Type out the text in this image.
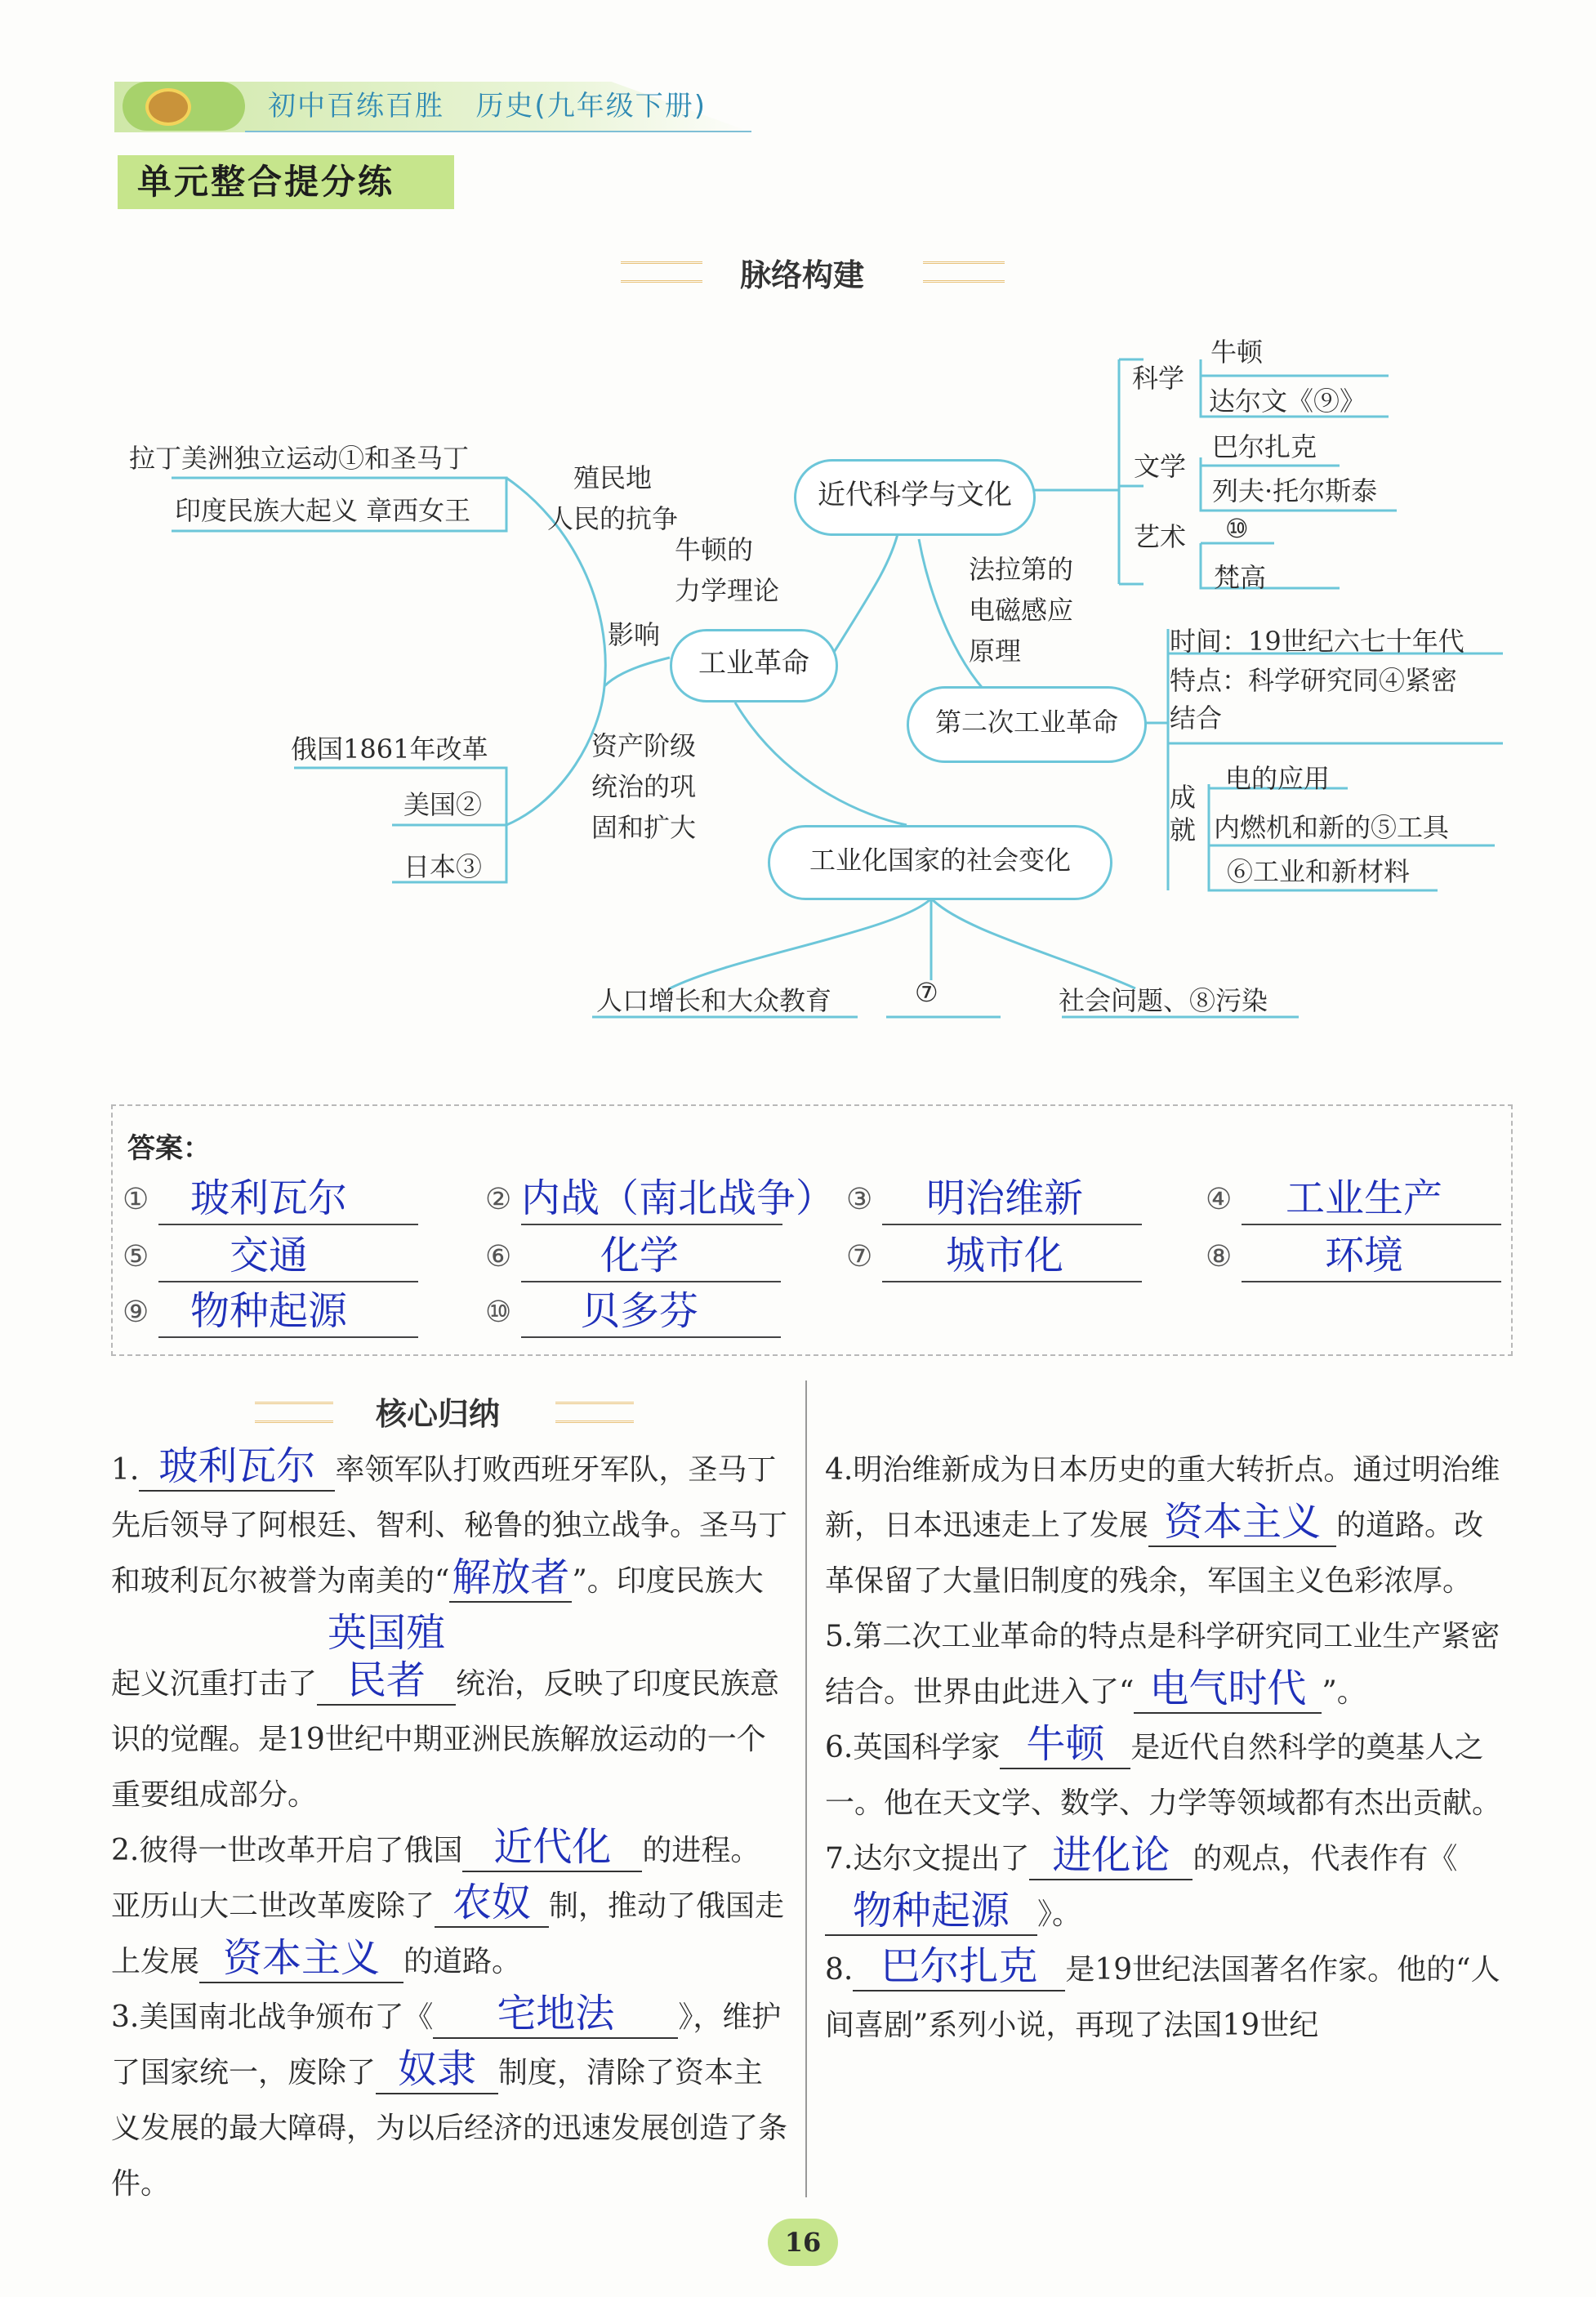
初中百练百胜 历史(九年级下册)
单元整合提分练
脉络构建
近代科学与文化
工业革命
第二次工业革命
工业化国家的社会变化
拉丁美洲独立运动①和圣马丁
印度民族大起义 章西女王
俄国1861年改革
美国②
日本③
殖民地
人民的抗争
牛顿的
力学理论
影响
资产阶级
统治的巩
固和扩大
法拉第的
电磁感应
原理
科学
牛顿
达尔文《⑨》
文学
巴尔扎克
列夫·托尔斯泰
艺术 ⑩
梵高
时间：19世纪六七十年代
特点：科学研究同④紧密
结合
成就
电的应用
内燃机和新的⑤工具
⑥工业和新材料
人口增长和大众教育	⑦	社会问题、⑧污染
答案：
①	玻利瓦尔	② 内战（南北战争） ③	明治维新	④	工业生产
⑤	交通	⑥	化学	⑦	城市化	⑧	环境
⑨	物种起源	⑩	贝多芬
核心归纳
1. 玻利瓦尔 率领军队打败西班牙军队，圣马丁先后领导了阿根廷、智利、秘鲁的独立战争。圣马丁和玻利瓦尔被誉为南美的“解放者”。印度民族大起义沉重打击了英国殖民者 统治，反映了印度民族意识的觉醒。是19世纪中期亚洲民族解放运动的一个重要组成部分。
2.彼得一世改革开启了俄国 近代化 的进程。亚历山大二世改革废除了 农奴 制，推动了俄国走上发展 资本主义 的道路。
3.美国南北战争颁布了《 宅地法 》，维护了国家统一，废除了 奴隶 制度，清除了资本主义发展的最大障碍，为以后经济的迅速发展创造了条件。
4.明治维新成为日本历史的重大转折点。通过明治维新，日本迅速走上了发展 资本主义 的道路。改革保留了大量旧制度的残余，军国主义色彩浓厚。
5.第二次工业革命的特点是科学研究同工业生产紧密结合。世界由此进入了“ 电气时代 ”。
6.英国科学家 牛顿 是近代自然科学的奠基人之一。他在天文学、数学、力学等领域都有杰出贡献。
7.达尔文提出了 进化论 的观点，代表作有《物种起源 》。
8. 巴尔扎克 是19世纪法国著名作家。他的“人间喜剧”系列小说，再现了法国19世纪
16
